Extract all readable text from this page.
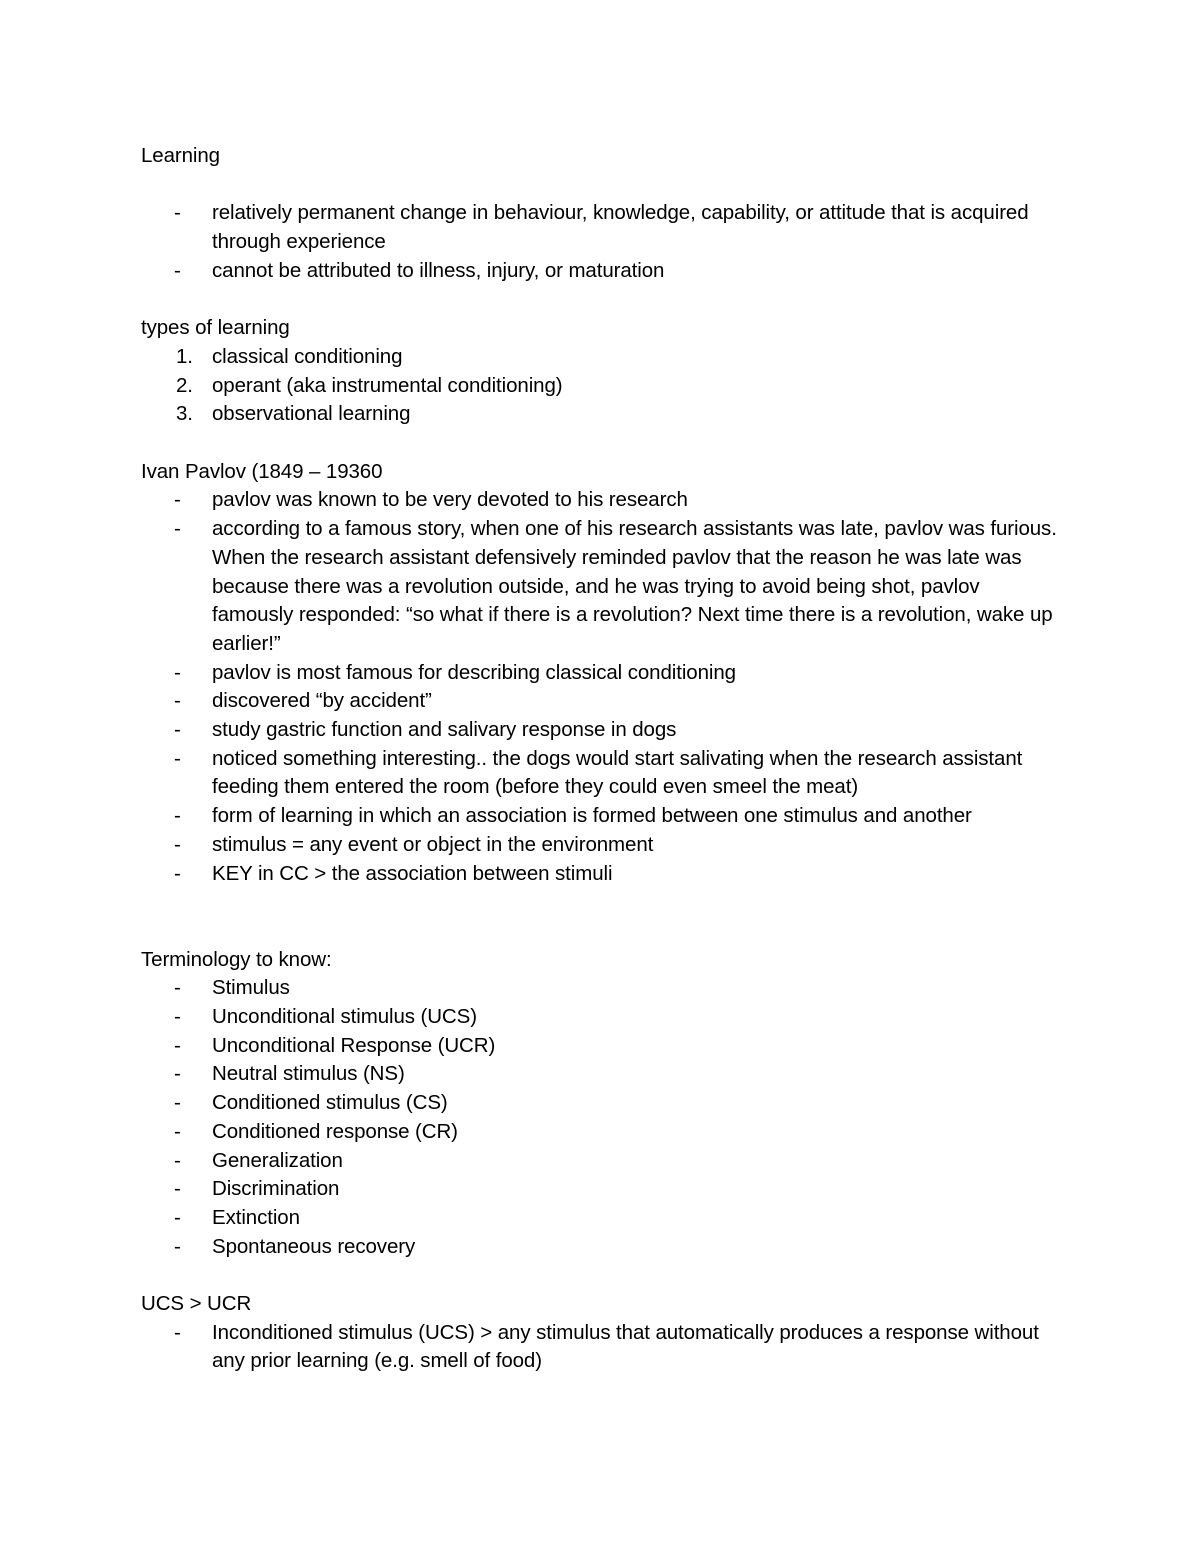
Learning

- relatively permanent change in behaviour, knowledge, capability, or attitude that is acquired through experience
- cannot be attributed to illness, injury, or maturation

types of learning

1. classical conditioning
2. operant (aka instrumental conditioning)
3. observational learning

Ivan Pavlov (1849 – 19360

- pavlov was known to be very devoted to his research
- according to a famous story, when one of his research assistants was late, pavlov was furious. When the research assistant defensively reminded pavlov that the reason he was late was because there was a revolution outside, and he was trying to avoid being shot, pavlov famously responded: “so what if there is a revolution? Next time there is a revolution, wake up earlier!”
- pavlov is most famous for describing classical conditioning
- discovered “by accident”
- study gastric function and salivary response in dogs
- noticed something interesting.. the dogs would start salivating when the research assistant feeding them entered the room (before they could even smeel the meat)
- form of learning in which an association is formed between one stimulus and another
- stimulus = any event or object in the environment
- KEY in CC > the association between stimuli

Terminology to know:

- Stimulus
- Unconditional stimulus (UCS)
- Unconditional Response (UCR)
- Neutral stimulus (NS)
- Conditioned stimulus (CS)
- Conditioned response (CR)
- Generalization
- Discrimination
- Extinction
- Spontaneous recovery

UCS > UCR

- Inconditioned stimulus (UCS) > any stimulus that automatically produces a response without any prior learning (e.g. smell of food)
